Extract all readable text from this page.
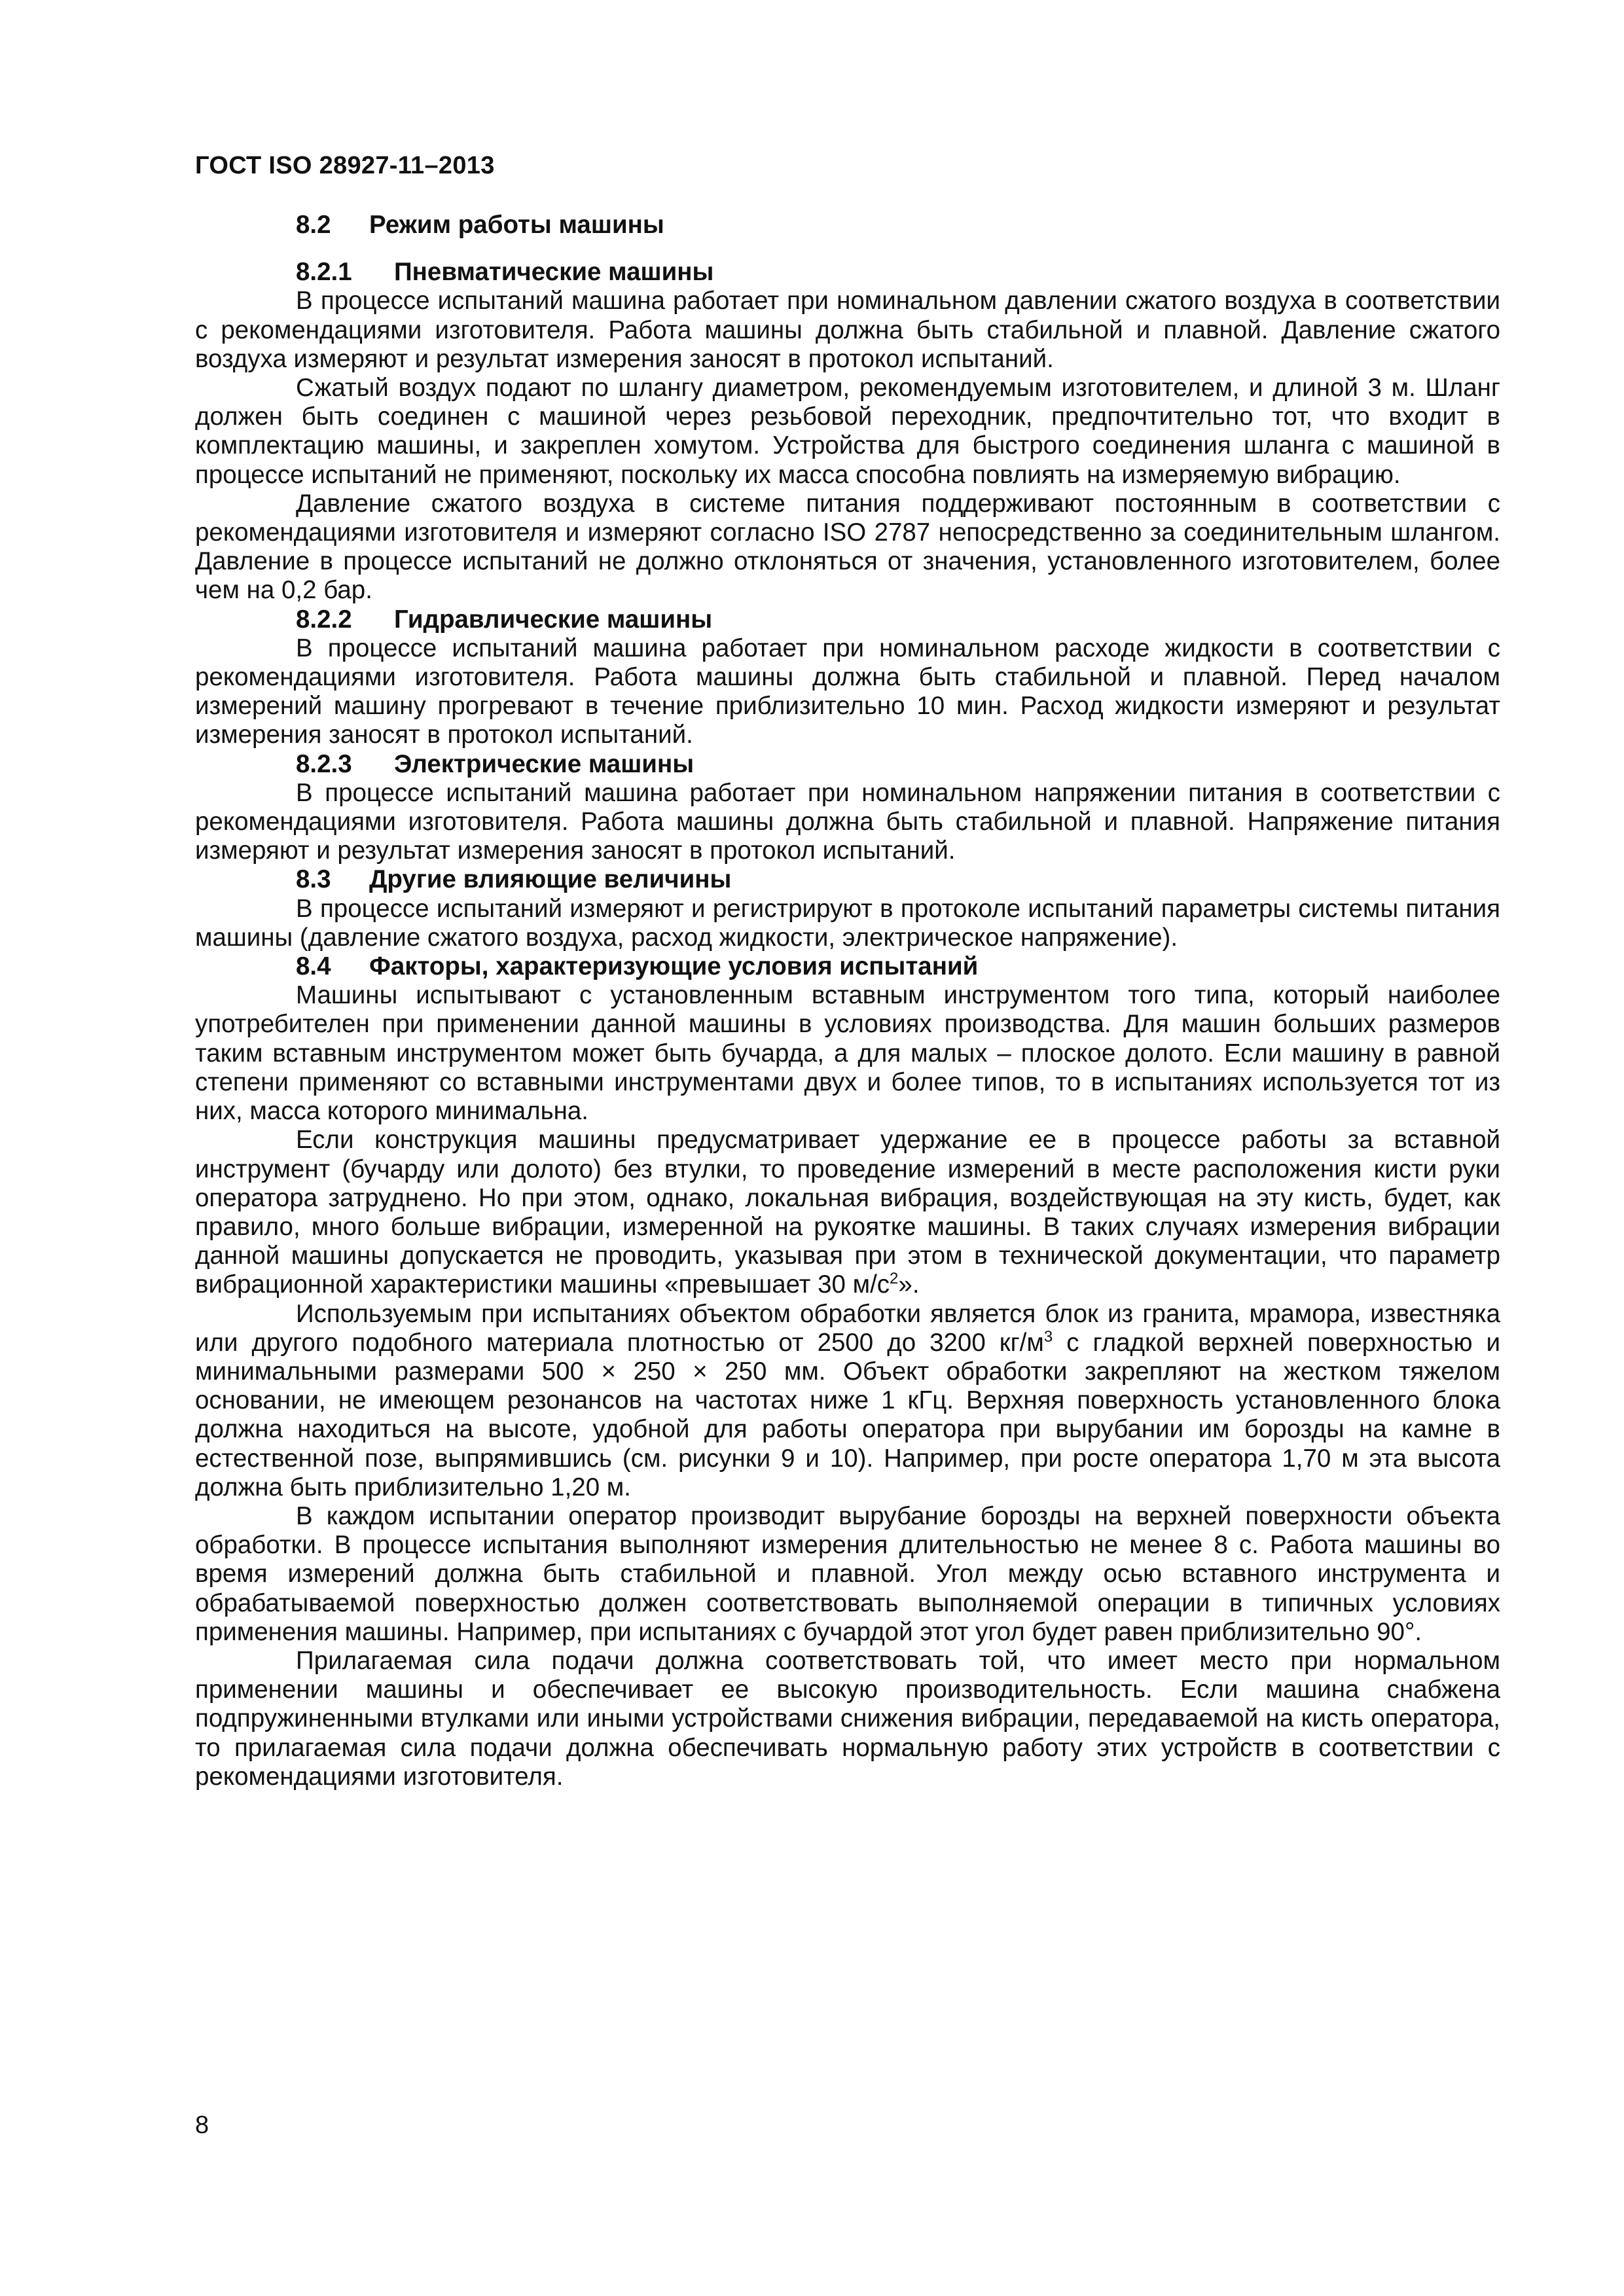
ГОСТ ISO 28927-11–2013
8.2 Режим работы машины
8.2.1 Пневматические машины

В процессе испытаний машина работает при номинальном давлении сжатого воздуха в соответствии с рекомендациями изготовителя. Работа машины должна быть стабильной и плавной. Давление сжатого воздуха измеряют и результат измерения заносят в протокол испытаний.

Сжатый воздух подают по шлангу диаметром, рекомендуемым изготовителем, и длиной 3 м. Шланг должен быть соединен с машиной через резьбовой переходник, предпочтительно тот, что входит в комплектацию машины, и закреплен хомутом. Устройства для быстрого соединения шланга с машиной в процессе испытаний не применяют, поскольку их масса способна повлиять на измеряемую вибрацию.

Давление сжатого воздуха в системе питания поддерживают постоянным в соответствии с рекомендациями изготовителя и измеряют согласно ISO 2787 непосредственно за соединительным шлангом. Давление в процессе испытаний не должно отклоняться от значения, установленного изготовителем, более чем на 0,2 бар.

8.2.2 Гидравлические машины

В процессе испытаний машина работает при номинальном расходе жидкости в соответствии с рекомендациями изготовителя. Работа машины должна быть стабильной и плавной. Перед началом измерений машину прогревают в течение приблизительно 10 мин. Расход жидкости измеряют и результат измерения заносят в протокол испытаний.

8.2.3 Электрические машины

В процессе испытаний машина работает при номинальном напряжении питания в соответствии с рекомендациями изготовителя. Работа машины должна быть стабильной и плавной. Напряжение питания измеряют и результат измерения заносят в протокол испытаний.

8.3 Другие влияющие величины

В процессе испытаний измеряют и регистрируют в протоколе испытаний параметры системы питания машины (давление сжатого воздуха, расход жидкости, электрическое напряжение).

8.4 Факторы, характеризующие условия испытаний

Машины испытывают с установленным вставным инструментом того типа, который наиболее употребителен при применении данной машины в условиях производства. Для машин больших размеров таким вставным инструментом может быть бучарда, а для малых – плоское долото. Если машину в равной степени применяют со вставными инструментами двух и более типов, то в испытаниях используется тот из них, масса которого минимальна.

Если конструкция машины предусматривает удержание ее в процессе работы за вставной инструмент (бучарду или долото) без втулки, то проведение измерений в месте расположения кисти руки оператора затруднено. Но при этом, однако, локальная вибрация, воздействующая на эту кисть, будет, как правило, много больше вибрации, измеренной на рукоятке машины. В таких случаях измерения вибрации данной машины допускается не проводить, указывая при этом в технической документации, что параметр вибрационной характеристики машины «превышает 30 $м/с^2$».

Используемым при испытаниях объектом обработки является блок из гранита, мрамора, известняка или другого подобного материала плотностью от 2500 до 3200 $кг/м^3$ с гладкой верхней поверхностью и минимальными размерами 500 × 250 × 250 мм. Объект обработки закрепляют на жестком тяжелом основании, не имеющем резонансов на частотах ниже 1 кГц. Верхняя поверхность установленного блока должна находиться на высоте, удобной для работы оператора при вырубании им борозды на камне в естественной позе, выпрямившись (см. рисунки 9 и 10). Например, при росте оператора 1,70 м эта высота должна быть приблизительно 1,20 м.

В каждом испытании оператор производит вырубание борозды на верхней поверхности объекта обработки. В процессе испытания выполняют измерения длительностью не менее 8 с. Работа машины во время измерений должна быть стабильной и плавной. Угол между осью вставного инструмента и обрабатываемой поверхностью должен соответствовать выполняемой операции в типичных условиях применения машины. Например, при испытаниях с бучардой этот угол будет равен приблизительно 90°.

Прилагаемая сила подачи должна соответствовать той, что имеет место при нормальном применении машины и обеспечивает ее высокую производительность. Если машина снабжена подпружиненными втулками или иными устройствами снижения вибрации, передаваемой на кисть оператора, то прилагаемая сила подачи должна обеспечивать нормальную работу этих устройств в соответствии с рекомендациями изготовителя.

8
